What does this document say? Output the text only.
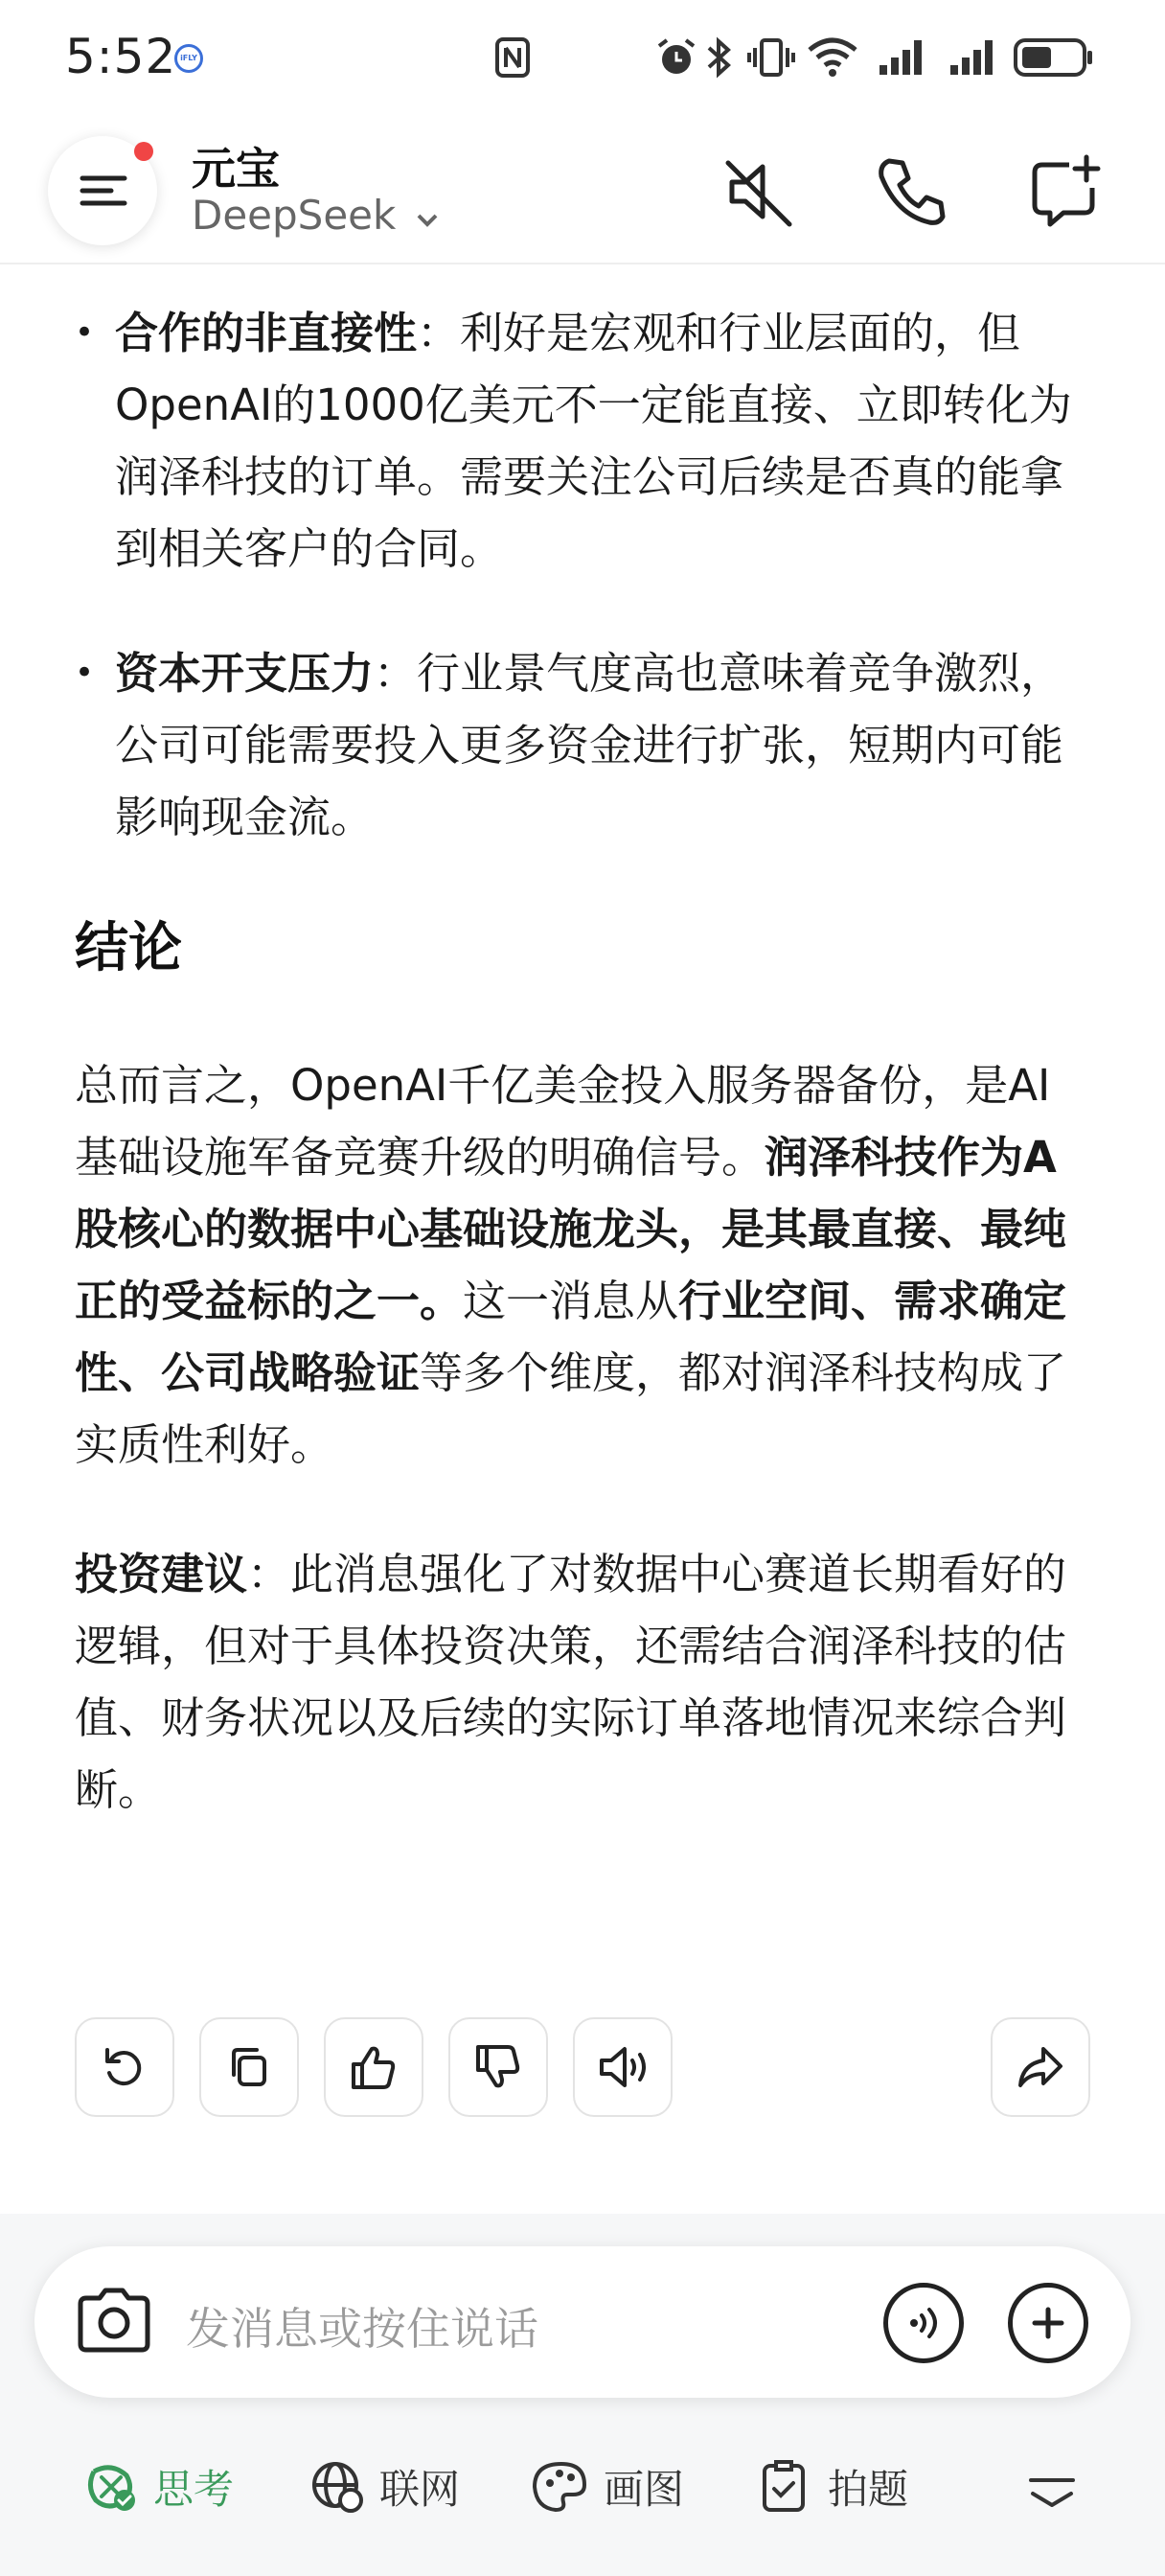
5:52 iFLY
元宝
DeepSeek
• 合作的非直接性：利好是宏观和行业层面的，但OpenAI的1000亿美元不一定能直接、立即转化为润泽科技的订单。需要关注公司后续是否真的能拿到相关客户的合同。
• 资本开支压力：行业景气度高也意味着竞争激烈，公司可能需要投入更多资金进行扩张，短期内可能影响现金流。
结论
总而言之，OpenAI千亿美金投入服务器备份，是AI基础设施军备竞赛升级的明确信号。润泽科技作为A股核心的数据中心基础设施龙头，是其最直接、最纯正的受益标的之一。这一消息从行业空间、需求确定性、公司战略验证等多个维度，都对润泽科技构成了实质性利好。
投资建议：此消息强化了对数据中心赛道长期看好的逻辑，但对于具体投资决策，还需结合润泽科技的估值、财务状况以及后续的实际订单落地情况来综合判断。
发消息或按住说话
思考	联网	画图	拍题
